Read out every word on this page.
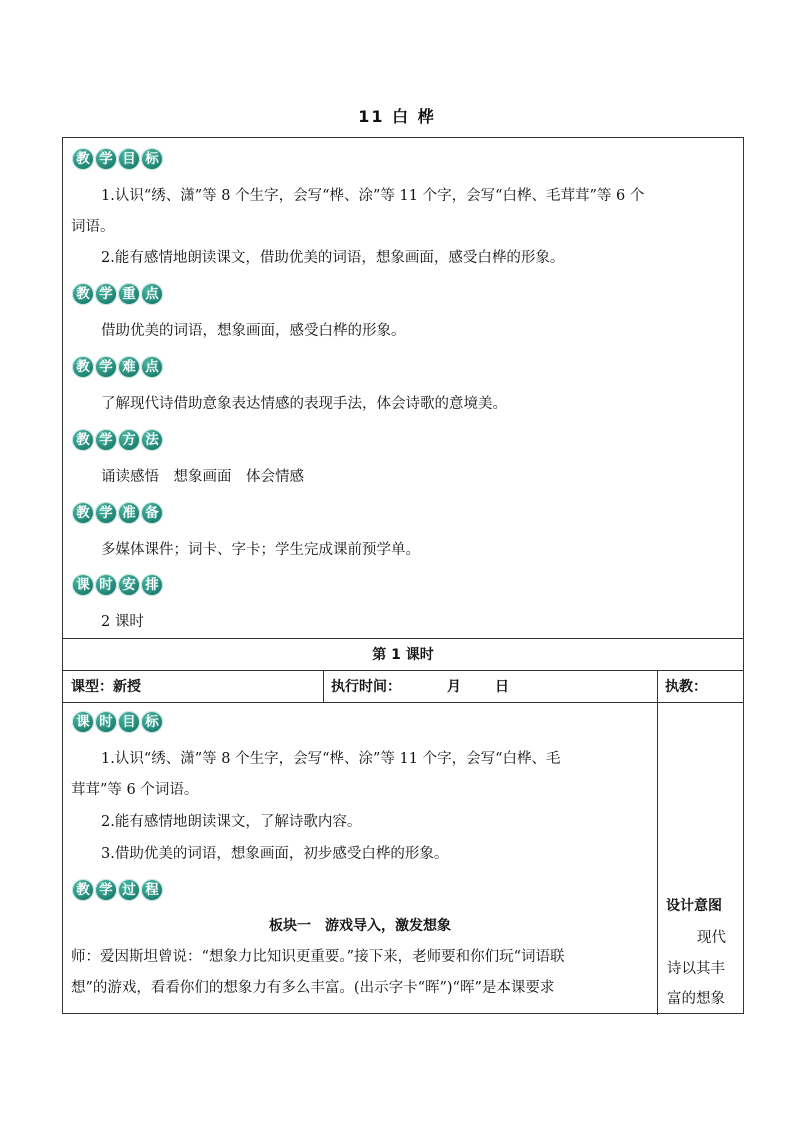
11 白 桦
教 学 目 标
1.认识“绣、潇”等 8 个生字，会写“桦、涂”等 11 个字，会写“白桦、毛茸茸”等 6 个
词语。
2.能有感情地朗读课文，借助优美的词语，想象画面，感受白桦的形象。
教 学 重 点
借助优美的词语，想象画面，感受白桦的形象。
教 学 难 点
了解现代诗借助意象表达情感的表现手法，体会诗歌的意境美。
教 学 方 法
诵读感悟　想象画面　体会情感
教 学 准 备
多媒体课件；词卡、字卡；学生完成课前预学单。
课 时 安 排
2 课时
第 1 课时
课型：新授	执行时间：	月 日	执教：
课 时 目 标
1.认识“绣、潇”等 8 个生字，会写“桦、涂”等 11 个字，会写“白桦、毛
茸茸”等 6 个词语。
2.能有感情地朗读课文，了解诗歌内容。
3.借助优美的词语，想象画面，初步感受白桦的形象。
教 学 过 程
板块一　游戏导入，激发想象
师：爱因斯坦曾说：“想象力比知识更重要。”接下来，老师要和你们玩“词语联
想”的游戏，看看你们的想象力有多么丰富。(出示字卡“晖”)“晖”是本课要求
设计意图
现代
诗以其丰
富的想象
